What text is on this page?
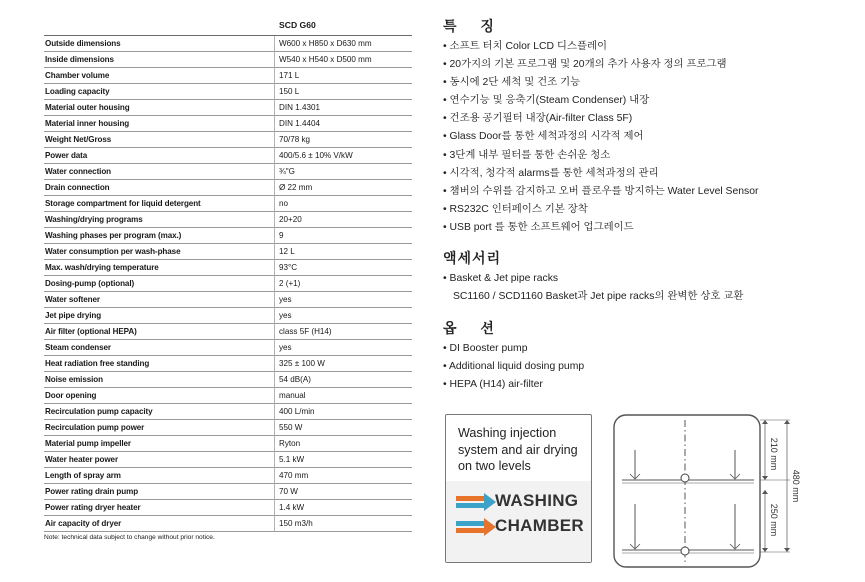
SCD G60
Outside dimensions	W600 x H850 x D630 mm
Inside dimensions	W540 x H540 x D500 mm
Chamber volume	171 L
Loading capacity	150 L
Material outer housing	DIN 1.4301
Material inner housing	DIN 1.4404
Weight Net/Gross	70/78 kg
Power data	400/5.6 ± 10% V/kW
Water connection	¾"G
Drain connection	Ø 22 mm
Storage compartment for liquid detergent	no
Washing/drying programs	20+20
Washing phases per program (max.)	9
Water consumption per wash-phase	12 L
Max. wash/drying temperature	93°C
Dosing-pump (optional)	2 (+1)
Water softener	yes
Jet pipe drying	yes
Air filter (optional HEPA)	class 5F (H14)
Steam condenser	yes
Heat radiation free standing	325 ± 100 W
Noise emission	54 dB(A)
Door opening	manual
Recirculation pump capacity	400 L/min
Recirculation pump power	550 W
Material pump impeller	Ryton
Water heater power	5.1 kW
Length of spray arm	470 mm
Power rating drain pump	70 W
Power rating dryer heater	1.4 kW
Air capacity of dryer	150 m3/h
Note: technical data subject to change without prior notice.
특 징
• 소프트 터치 Color LCD 디스플레이
• 20가지의 기본 프로그램 및 20개의 추가 사용자 정의 프로그램
• 동시에 2단 세척 및 건조 기능
• 연수기능 및 응축기(Steam Condenser) 내장
• 건조용 공기필터 내장(Air-filter Class 5F)
• Glass Door를 통한 세척과정의 시각적 제어
• 3단계 내부 필터를 통한 손쉬운 청소
• 시각적, 청각적 alarms를 통한 세척과정의 관리
• 챔버의 수위를 감지하고 오버 플로우를 방지하는 Water Level Sensor
• RS232C 인터페이스 기본 장착
• USB port 를 통한 소프트웨어 업그레이드
액세서리
• Basket & Jet pipe racks
SC1160 / SCD1160 Basket과 Jet pipe racks의 완벽한 상호 교환
옵 션
• DI Booster pump
• Additional liquid dosing pump
• HEPA (H14) air-filter
Washing injection system and air drying on two levels
WASHING
CHAMBER
210 mm
250 mm
480 mm
